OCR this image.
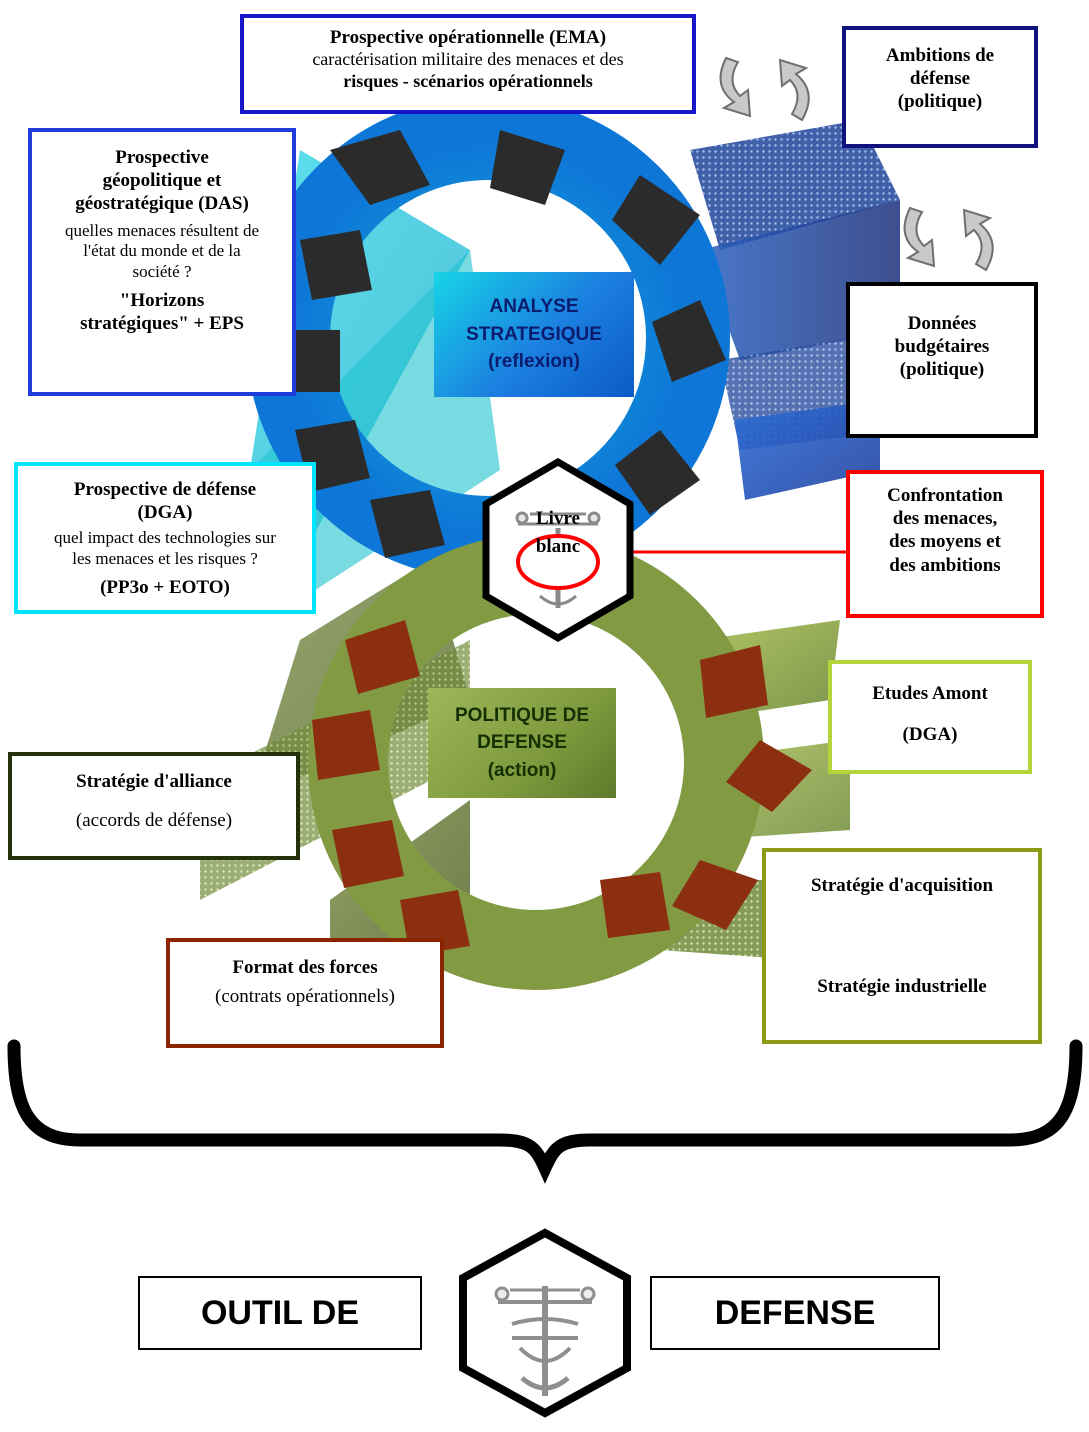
ANALYSE
STRATEGIQUE
(reflexion)
POLITIQUE DE
DEFENSE
(action)
Livre
blanc
Prospective opérationnelle (EMA)
caractérisation militaire des menaces et des
risques - scénarios opérationnels
Ambitions de
défense
(politique)
Prospective
géopolitique et
géostratégique (DAS)
quelles menaces résultent de
l'état du monde et de la
société ?
"Horizons
stratégiques" + EPS	Données
budgétaires
(politique)
Prospective de défense
(DGA)
quel impact des technologies sur
les menaces et les risques ?
(PP3o + EOTO)
Confrontation
des menaces,
des moyens et
des ambitions
Etudes Amont
(DGA)
Stratégie d'alliance
(accords de défense)
Stratégie d'acquisition
Stratégie industrielle
Format des forces
(contrats opérationnels)
OUTIL DE	DEFENSE
